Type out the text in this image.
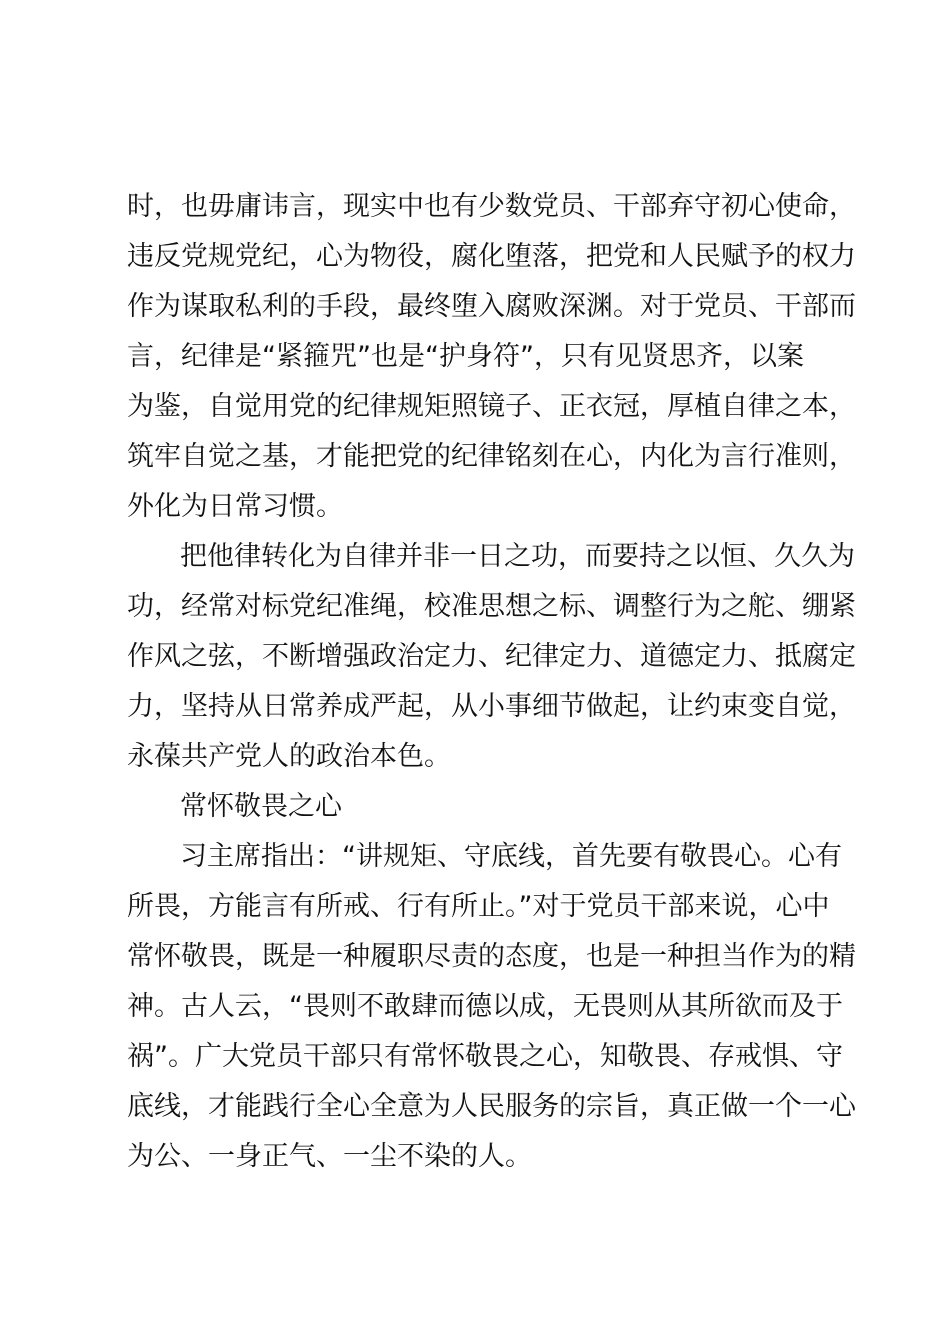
时，也毋庸讳言，现实中也有少数党员、干部弃守初心使命，
违反党规党纪，心为物役，腐化堕落，把党和人民赋予的权力
作为谋取私利的手段，最终堕入腐败深渊。对于党员、干部而
言，纪律是“紧箍咒”也是“护身符”，只有见贤思齐，以案
为鉴，自觉用党的纪律规矩照镜子、正衣冠，厚植自律之本，
筑牢自觉之基，才能把党的纪律铭刻在心，内化为言行准则，
外化为日常习惯。
把他律转化为自律并非一日之功，而要持之以恒、久久为
功，经常对标党纪准绳，校准思想之标、调整行为之舵、绷紧
作风之弦，不断增强政治定力、纪律定力、道德定力、抵腐定
力，坚持从日常养成严起，从小事细节做起，让约束变自觉，
永葆共产党人的政治本色。
常怀敬畏之心
习主席指出：“讲规矩、守底线，首先要有敬畏心。心有
所畏，方能言有所戒、行有所止。”对于党员干部来说，心中
常怀敬畏，既是一种履职尽责的态度，也是一种担当作为的精
神。古人云，“畏则不敢肆而德以成，无畏则从其所欲而及于
祸”。广大党员干部只有常怀敬畏之心，知敬畏、存戒惧、守
底线，才能践行全心全意为人民服务的宗旨，真正做一个一心
为公、一身正气、一尘不染的人。
